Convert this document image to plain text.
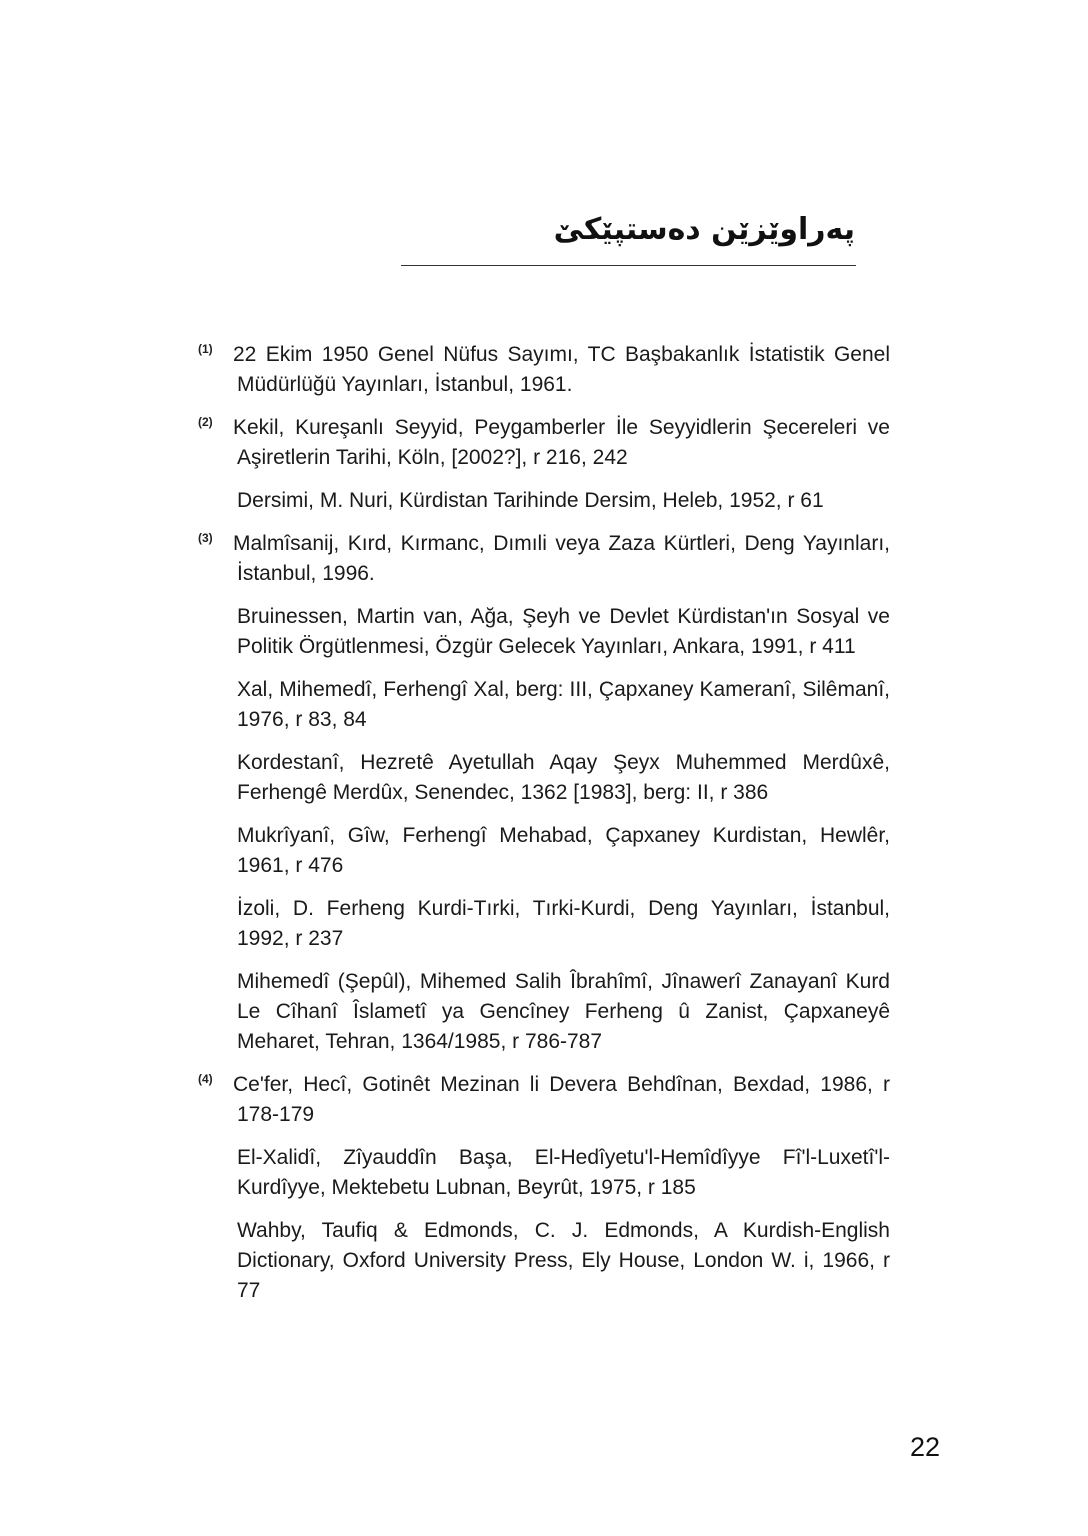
پەراوێزێن دەستپێكێ
(1) 22 Ekim 1950 Genel Nüfus Sayımı, TC Başbakanlık İstatistik Genel Müdürlüğü Yayınları, İstanbul, 1961.
(2) Kekil, Kureşanlı Seyyid, Peygamberler İle Seyyidlerin Şecereleri ve Aşiretlerin Tarihi, Köln, [2002?], r 216, 242
Dersimi, M. Nuri, Kürdistan Tarihinde Dersim, Heleb, 1952, r 61
(3) Malmîsanij, Kırd, Kırmanc, Dımıli veya Zaza Kürtleri, Deng Yayınları, İstanbul, 1996.
Bruinessen, Martin van, Ağa, Şeyh ve Devlet Kürdistan'ın Sosyal ve Politik Örgütlenmesi, Özgür Gelecek Yayınları, Ankara, 1991, r 411
Xal, Mihemedî, Ferhengî Xal, berg: III, Çapxaney Kameranî, Silêmanî, 1976, r 83, 84
Kordestanî, Hezretê Ayetullah Aqay Şeyx Muhemmed Merdûxê, Ferhengê Merdûx, Senendec, 1362 [1983], berg: II, r 386
Mukrîyanî, Gîw, Ferhengî Mehabad, Çapxaney Kurdistan, Hewlêr, 1961, r 476
İzoli, D. Ferheng Kurdi-Tırki, Tırki-Kurdi, Deng Yayınları, İstanbul, 1992, r 237
Mihemedî (Şepûl), Mihemed Salih Îbrahîmî, Jînawerî Zanayanî Kurd Le Cîhanî Îslametî ya Gencîney Ferheng û Zanist, Çapxaneyê Meharet, Tehran, 1364/1985, r 786-787
(4) Ce'fer, Hecî, Gotinêt Mezinan li Devera Behdînan, Bexdad, 1986, r 178-179
El-Xalidî, Zîyauddîn Başa, El-Hedîyetu'l-Hemîdîyye Fî'l-Luxetî'l-Kurdîyye, Mektebetu Lubnan, Beyrût, 1975, r 185
Wahby, Taufiq & Edmonds, C. J. Edmonds, A Kurdish-English Dictionary, Oxford University Press, Ely House, London W. i, 1966, r 77
22
